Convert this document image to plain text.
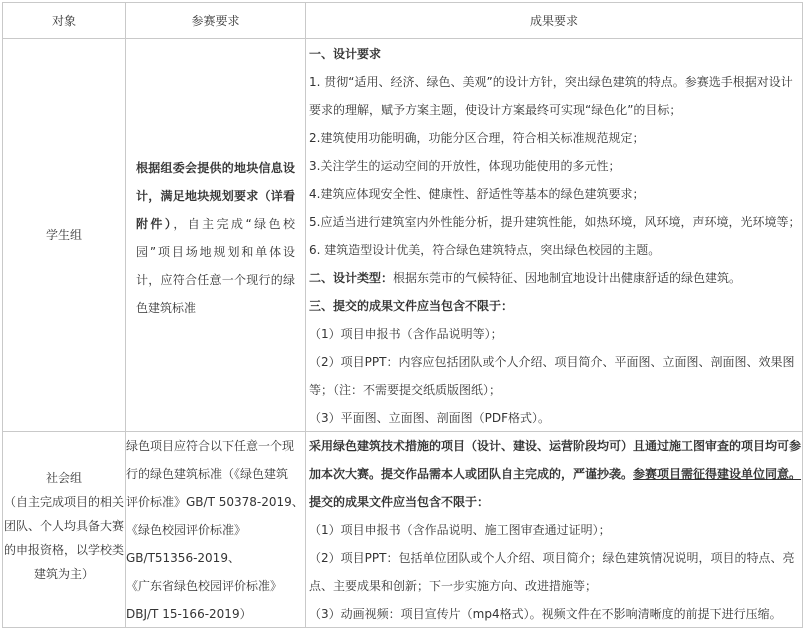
对象	参赛要求	成果要求
学生组
根据组委会提供的地块信息设计，满足地块规划要求（详看附件），自主完成“绿色校园”项目场地规划和单体设计，应符合任意一个现行的绿色建筑标准
一、设计要求
1. 贯彻“适用、经济、绿色、美观”的设计方针，突出绿色建筑的特点。参赛选手根据对设计
要求的理解，赋予方案主题，使设计方案最终可实现“绿色化”的目标；
2.建筑使用功能明确，功能分区合理，符合相关标准规范规定；
3.关注学生的运动空间的开放性，体现功能使用的多元性；
4.建筑应体现安全性、健康性、舒适性等基本的绿色建筑要求；
5.应适当进行建筑室内外性能分析，提升建筑性能，如热环境，风环境，声环境，光环境等；
6. 建筑造型设计优美，符合绿色建筑特点，突出绿色校园的主题。
二、设计类型：根据东莞市的气候特征、因地制宜地设计出健康舒适的绿色建筑。
三、提交的成果文件应当包含不限于：
（1）项目申报书（含作品说明等）；
（2）项目PPT：内容应包括团队或个人介绍、项目简介、平面图、立面图、剖面图、效果图
等；（注：不需要提交纸质版图纸）；
（3）平面图、立面图、剖面图（PDF格式）。
社会组
（自主完成项目的相关
团队、个人均具备大赛
的申报资格，以学校类
建筑为主）
绿色项目应符合以下任意一个现
行的绿色建筑标准（《绿色建筑
评价标准》GB/T 50378-2019、
《绿色校园评价标准》
GB/T51356-2019、
《广东省绿色校园评价标准》
DBJ/T 15-166-2019）
采用绿色建筑技术措施的项目（设计、建设、运营阶段均可）且通过施工图审查的项目均可参
加本次大赛。提交作品需本人或团队自主完成的，严谨抄袭。参赛项目需征得建设单位同意。
提交的成果文件应当包含不限于：
（1）项目申报书（含作品说明、施工图审查通过证明）；
（2）项目PPT：包括单位团队或个人介绍、项目简介；绿色建筑情况说明，项目的特点、亮
点、主要成果和创新；下一步实施方向、改进措施等；
（3）动画视频：项目宣传片（mp4格式）。视频文件在不影响清晰度的前提下进行压缩。
